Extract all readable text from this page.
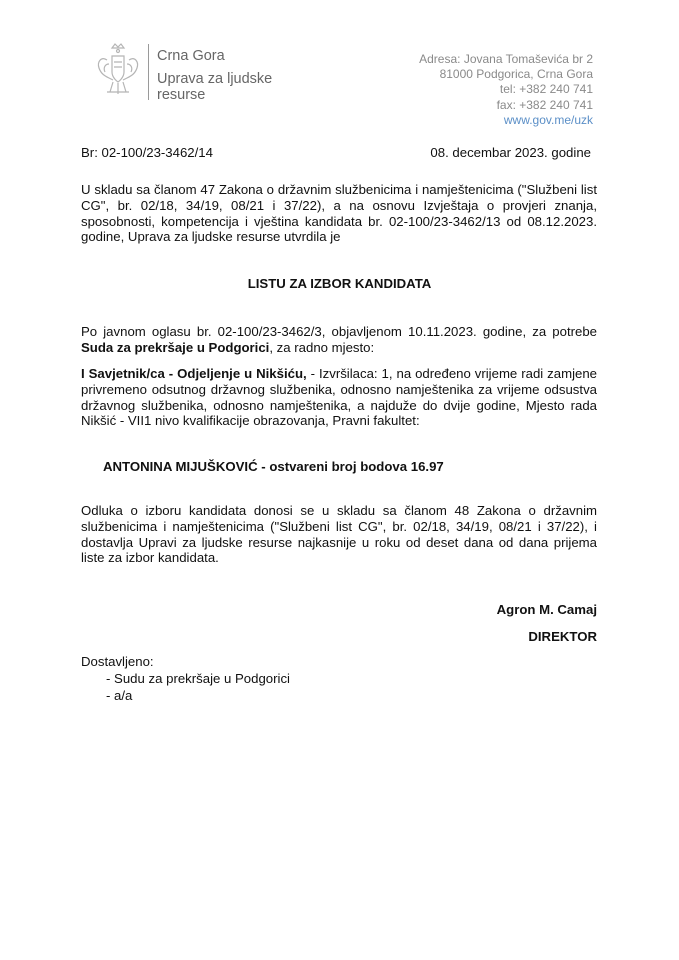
Crna Gora
Uprava za ljudske resurse
Adresa: Jovana Tomaševića br 2
81000 Podgorica, Crna Gora
tel: +382 240 741
fax: +382 240 741
www.gov.me/uzk
Br: 02-100/23-3462/14	08. decembar 2023. godine
U skladu sa članom 47 Zakona o državnim službenicima i namještenicima ("Službeni list CG", br. 02/18, 34/19, 08/21 i 37/22), a na osnovu Izvještaja o provjeri znanja, sposobnosti, kompetencija i vještina kandidata br. 02-100/23-3462/13 od 08.12.2023. godine, Uprava za ljudske resurse utvrdila je
LISTU ZA IZBOR KANDIDATA
Po javnom oglasu br. 02-100/23-3462/3, objavljenom 10.11.2023. godine, za potrebe Suda za prekršaje u Podgorici, za radno mjesto:
I Savjetnik/ca - Odjeljenje u Nikšiću, - Izvršilaca: 1, na određeno vrijeme radi zamjene privremeno odsutnog državnog službenika, odnosno namještenika za vrijeme odsustva državnog službenika, odnosno namještenika, a najduže do dvije godine, Mjesto rada Nikšić - VII1 nivo kvalifikacije obrazovanja, Pravni fakultet:
ANTONINA MIJUŠKOVIĆ - ostvareni broj bodova 16.97
Odluka o izboru kandidata donosi se u skladu sa članom 48 Zakona o državnim službenicima i namještenicima ("Službeni list CG", br. 02/18, 34/19, 08/21 i 37/22), i dostavlja Upravi za ljudske resurse najkasnije u roku od deset dana od dana prijema liste za izbor kandidata.
Agron M. Camaj
DIREKTOR
Dostavljeno:
- Sudu za prekršaje u Podgorici
- a/a
